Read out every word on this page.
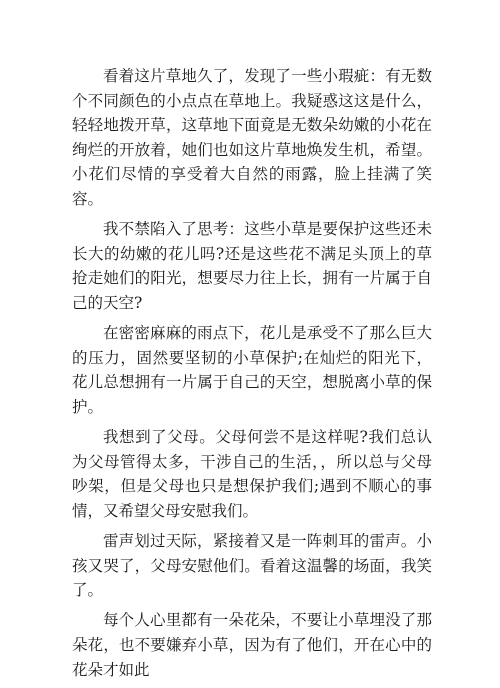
看着这片草地久了，发现了一些小瑕疵：有无数个不同颜色的小点点在草地上。我疑惑这这是什么，轻轻地拨开草，这草地下面竟是无数朵幼嫩的小花在绚烂的开放着，她们也如这片草地焕发生机，希望。小花们尽情的享受着大自然的雨露，脸上挂满了笑容。

我不禁陷入了思考：这些小草是要保护这些还未长大的幼嫩的花儿吗?还是这些花不满足头顶上的草抢走她们的阳光，想要尽力往上长，拥有一片属于自己的天空?

在密密麻麻的雨点下，花儿是承受不了那么巨大的压力，固然要坚韧的小草保护;在灿烂的阳光下，花儿总想拥有一片属于自己的天空，想脱离小草的保护。

我想到了父母。父母何尝不是这样呢?我们总认为父母管得太多，干涉自己的生活，，所以总与父母吵架，但是父母也只是想保护我们;遇到不顺心的事情，又希望父母安慰我们。

雷声划过天际，紧接着又是一阵刺耳的雷声。小孩又哭了，父母安慰他们。看着这温馨的场面，我笑了。

每个人心里都有一朵花朵，不要让小草埋没了那朵花，也不要嫌弃小草，因为有了他们，开在心中的花朵才如此
